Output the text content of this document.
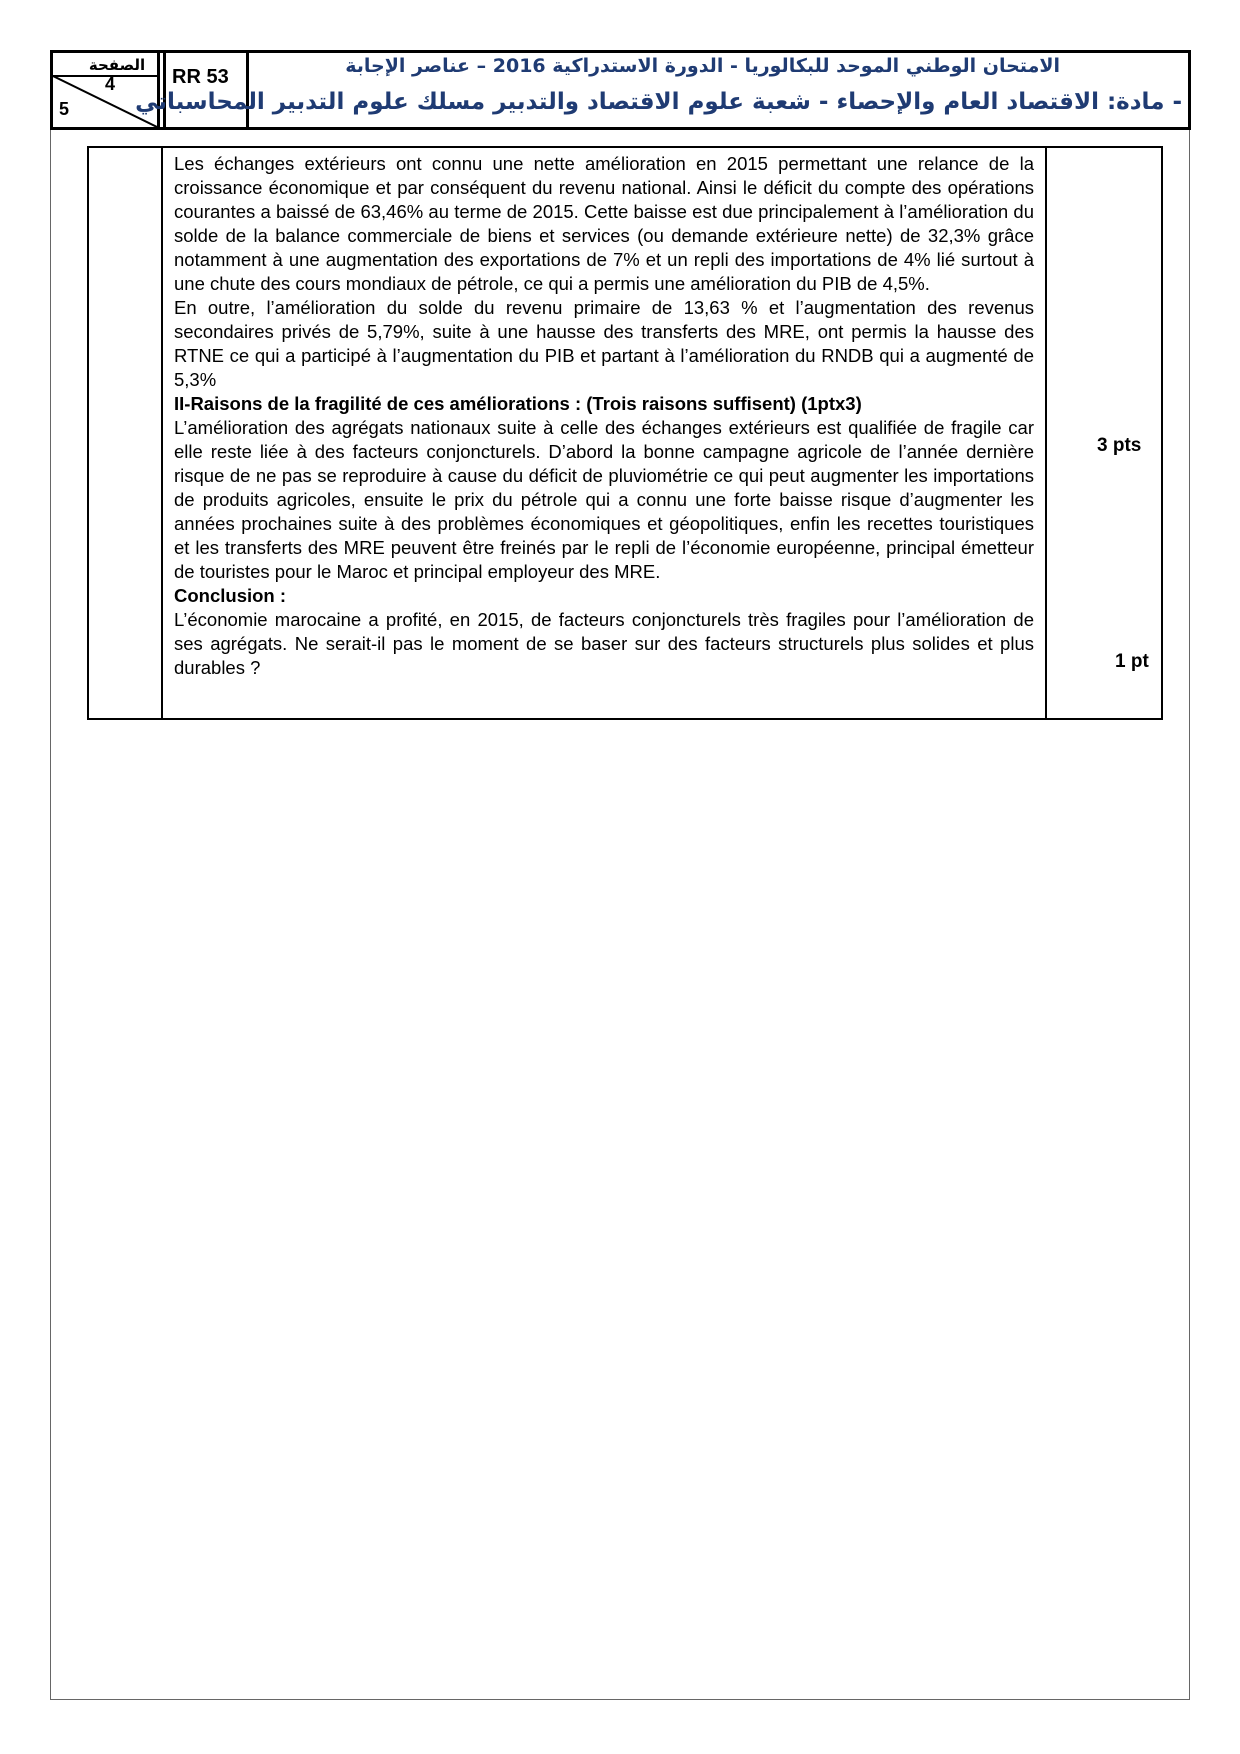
الصفحة
4
5
RR 53	الامتحان الوطني الموحد للبكالوريا - الدورة الاستدراكية 2016 – عناصر الإجابة
- مادة: الاقتصاد العام والإحصاء - شعبة علوم الاقتصاد والتدبير مسلك علوم التدبير المحاسباتي

Les échanges extérieurs ont connu une nette amélioration en 2015 permettant une relance de la croissance économique et par conséquent du revenu national. Ainsi le déficit du compte des opérations courantes a baissé de 63,46% au terme de 2015. Cette baisse est due principalement à l’amélioration du solde de la balance commerciale de biens et services (ou demande extérieure nette) de 32,3% grâce notamment à une augmentation des exportations de 7% et un repli des importations de 4% lié surtout à une chute des cours mondiaux de pétrole, ce qui a permis une amélioration du PIB de 4,5%.

En outre, l’amélioration du solde du revenu primaire de 13,63 % et l’augmentation des revenus secondaires privés de 5,79%, suite à une hausse des transferts des MRE, ont permis la hausse des RTNE ce qui a participé à l’augmentation du PIB et partant à l’amélioration du RNDB qui a augmenté de 5,3%

II-Raisons de la fragilité de ces améliorations : (Trois raisons suffisent) (1ptx3)

L’amélioration des agrégats nationaux suite à celle des échanges extérieurs est qualifiée de fragile car elle reste liée à des facteurs conjoncturels. D’abord la bonne campagne agricole de l’année dernière risque de ne pas se reproduire à cause du déficit de pluviométrie ce qui peut augmenter les importations de produits agricoles, ensuite le prix du pétrole qui a connu une forte baisse risque d’augmenter les années prochaines suite à des problèmes économiques et géopolitiques, enfin les recettes touristiques et les transferts des MRE peuvent être freinés par le repli de l’économie européenne, principal émetteur de touristes pour le Maroc et principal employeur des MRE.

Conclusion :

L’économie marocaine a profité, en 2015, de facteurs conjoncturels très fragiles pour l’amélioration de ses agrégats. Ne serait-il pas le moment de se baser sur des facteurs structurels plus solides et plus durables ?

3 pts
1 pt
